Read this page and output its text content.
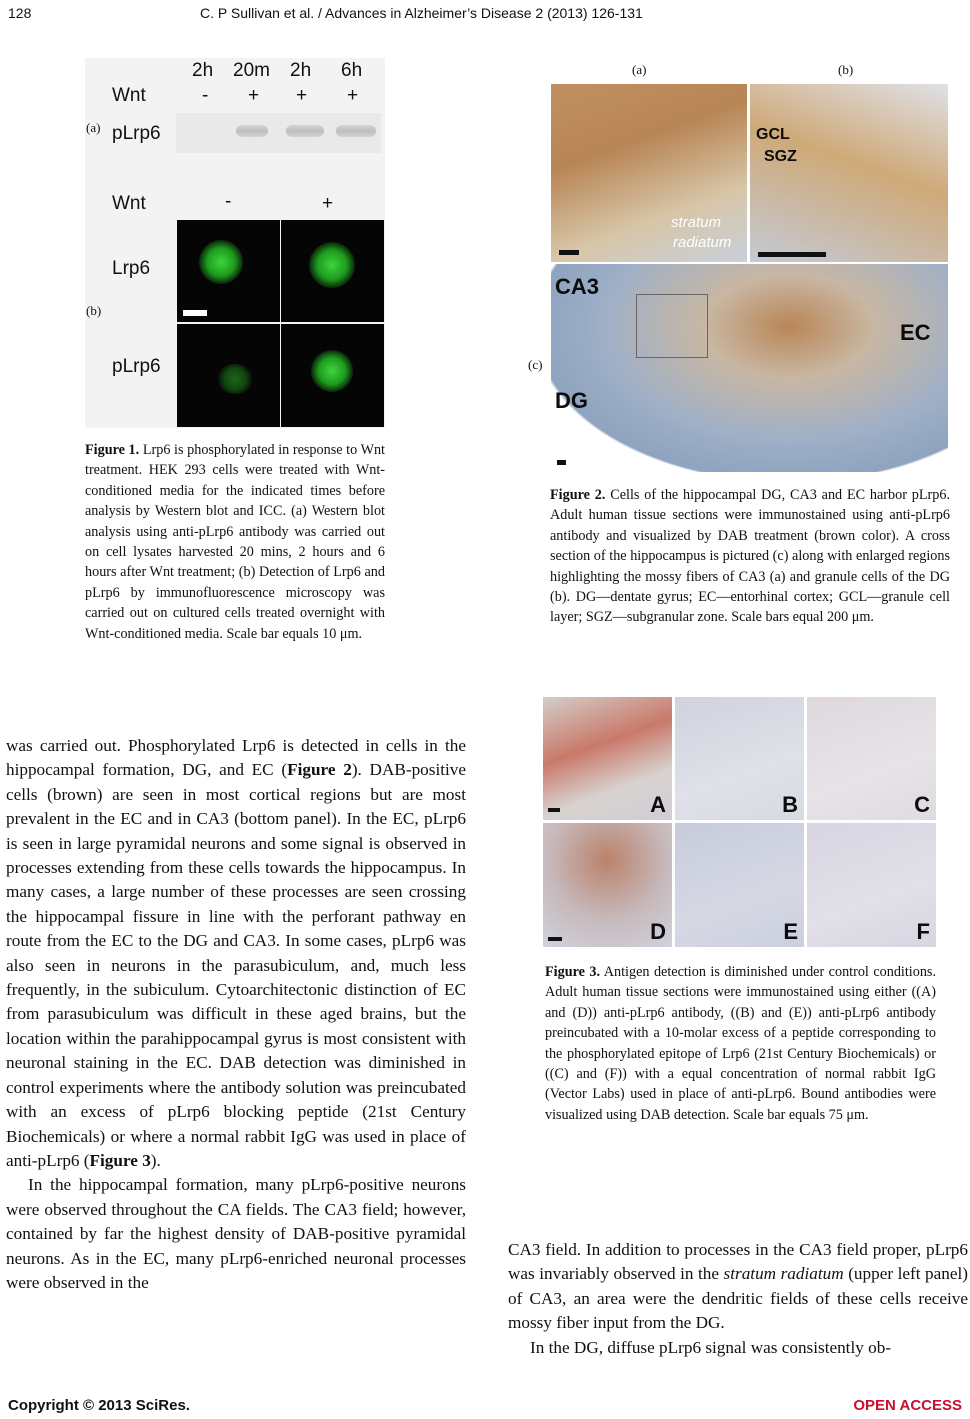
128	C. P Sullivan et al. / Advances in Alzheimer’s Disease 2 (2013) 126-131
2h 20m 2h 6h
Wnt	- + + +
pLrp6
Wnt	-	+
Lrp6
pLrp6
(a)
(b)
Figure 1. Lrp6 is phosphorylated in response to Wnt treatment. HEK 293 cells were treated with Wnt-conditioned media for the indicated times before analysis by Western blot and ICC. (a) Western blot analysis using anti-pLrp6 antibody was carried out on cell lysates harvested 20 mins, 2 hours and 6 hours after Wnt treatment; (b) Detection of Lrp6 and pLrp6 by immunofluorescence microscopy was carried out on cultured cells treated overnight with Wnt-conditioned media. Scale bar equals 10 μm.
(a)	(b)
stratum
radiatum
GCL
SGZ
(c)
CA3
DG
EC
Figure 2. Cells of the hippocampal DG, CA3 and EC harbor pLrp6. Adult human tissue sections were immunostained using anti-pLrp6 antibody and visualized by DAB treatment (brown color). A cross section of the hippocampus is pictured (c) along with enlarged regions highlighting the mossy fibers of CA3 (a) and granule cells of the DG (b). DG—dentate gyrus; EC—entorhinal cortex; GCL—granule cell layer; SGZ—subgranular zone. Scale bars equal 200 μm.
A	B	C
D	E	F
Figure 3. Antigen detection is diminished under control conditions. Adult human tissue sections were immunostained using either ((A) and (D)) anti-pLrp6 antibody, ((B) and (E)) anti-pLrp6 antibody preincubated with a 10-molar excess of a peptide corresponding to the phosphorylated epitope of Lrp6 (21st Century Biochemicals) or ((C) and (F)) with a equal concentration of normal rabbit IgG (Vector Labs) used in place of anti-pLrp6. Bound antibodies were visualized using DAB detection. Scale bar equals 75 μm.

was carried out. Phosphorylated Lrp6 is detected in cells in the hippocampal formation, DG, and EC (Figure 2). DAB-positive cells (brown) are seen in most cortical regions but are most prevalent in the EC and in CA3 (bottom panel). In the EC, pLrp6 is seen in large pyramidal neurons and some signal is observed in processes extending from these cells towards the hippocampus. In many cases, a large number of these processes are seen crossing the hippocampal fissure in line with the perforant pathway en route from the EC to the DG and CA3. In some cases, pLrp6 was also seen in neurons in the parasubiculum, and, much less frequently, in the subiculum. Cytoarchitectonic distinction of EC from parasubiculum was difficult in these aged brains, but the location within the parahippocampal gyrus is most consistent with neuronal staining in the EC. DAB detection was diminished in control experiments where the antibody solution was preincubated with an excess of pLrp6 blocking peptide (21st Century Biochemicals) or where a normal rabbit IgG was used in place of anti-pLrp6 (Figure 3).

In the hippocampal formation, many pLrp6-positive neurons were observed throughout the CA fields. The CA3 field; however, contained by far the highest density of DAB-positive pyramidal neurons. As in the EC, many pLrp6-enriched neuronal processes were observed in the

CA3 field. In addition to processes in the CA3 field proper, pLrp6 was invariably observed in the stratum radiatum (upper left panel) of CA3, an area were the dendritic fields of these cells receive mossy fiber input from the DG.

In the DG, diffuse pLrp6 signal was consistently ob-

Copyright © 2013 SciRes.	OPEN ACCESS
